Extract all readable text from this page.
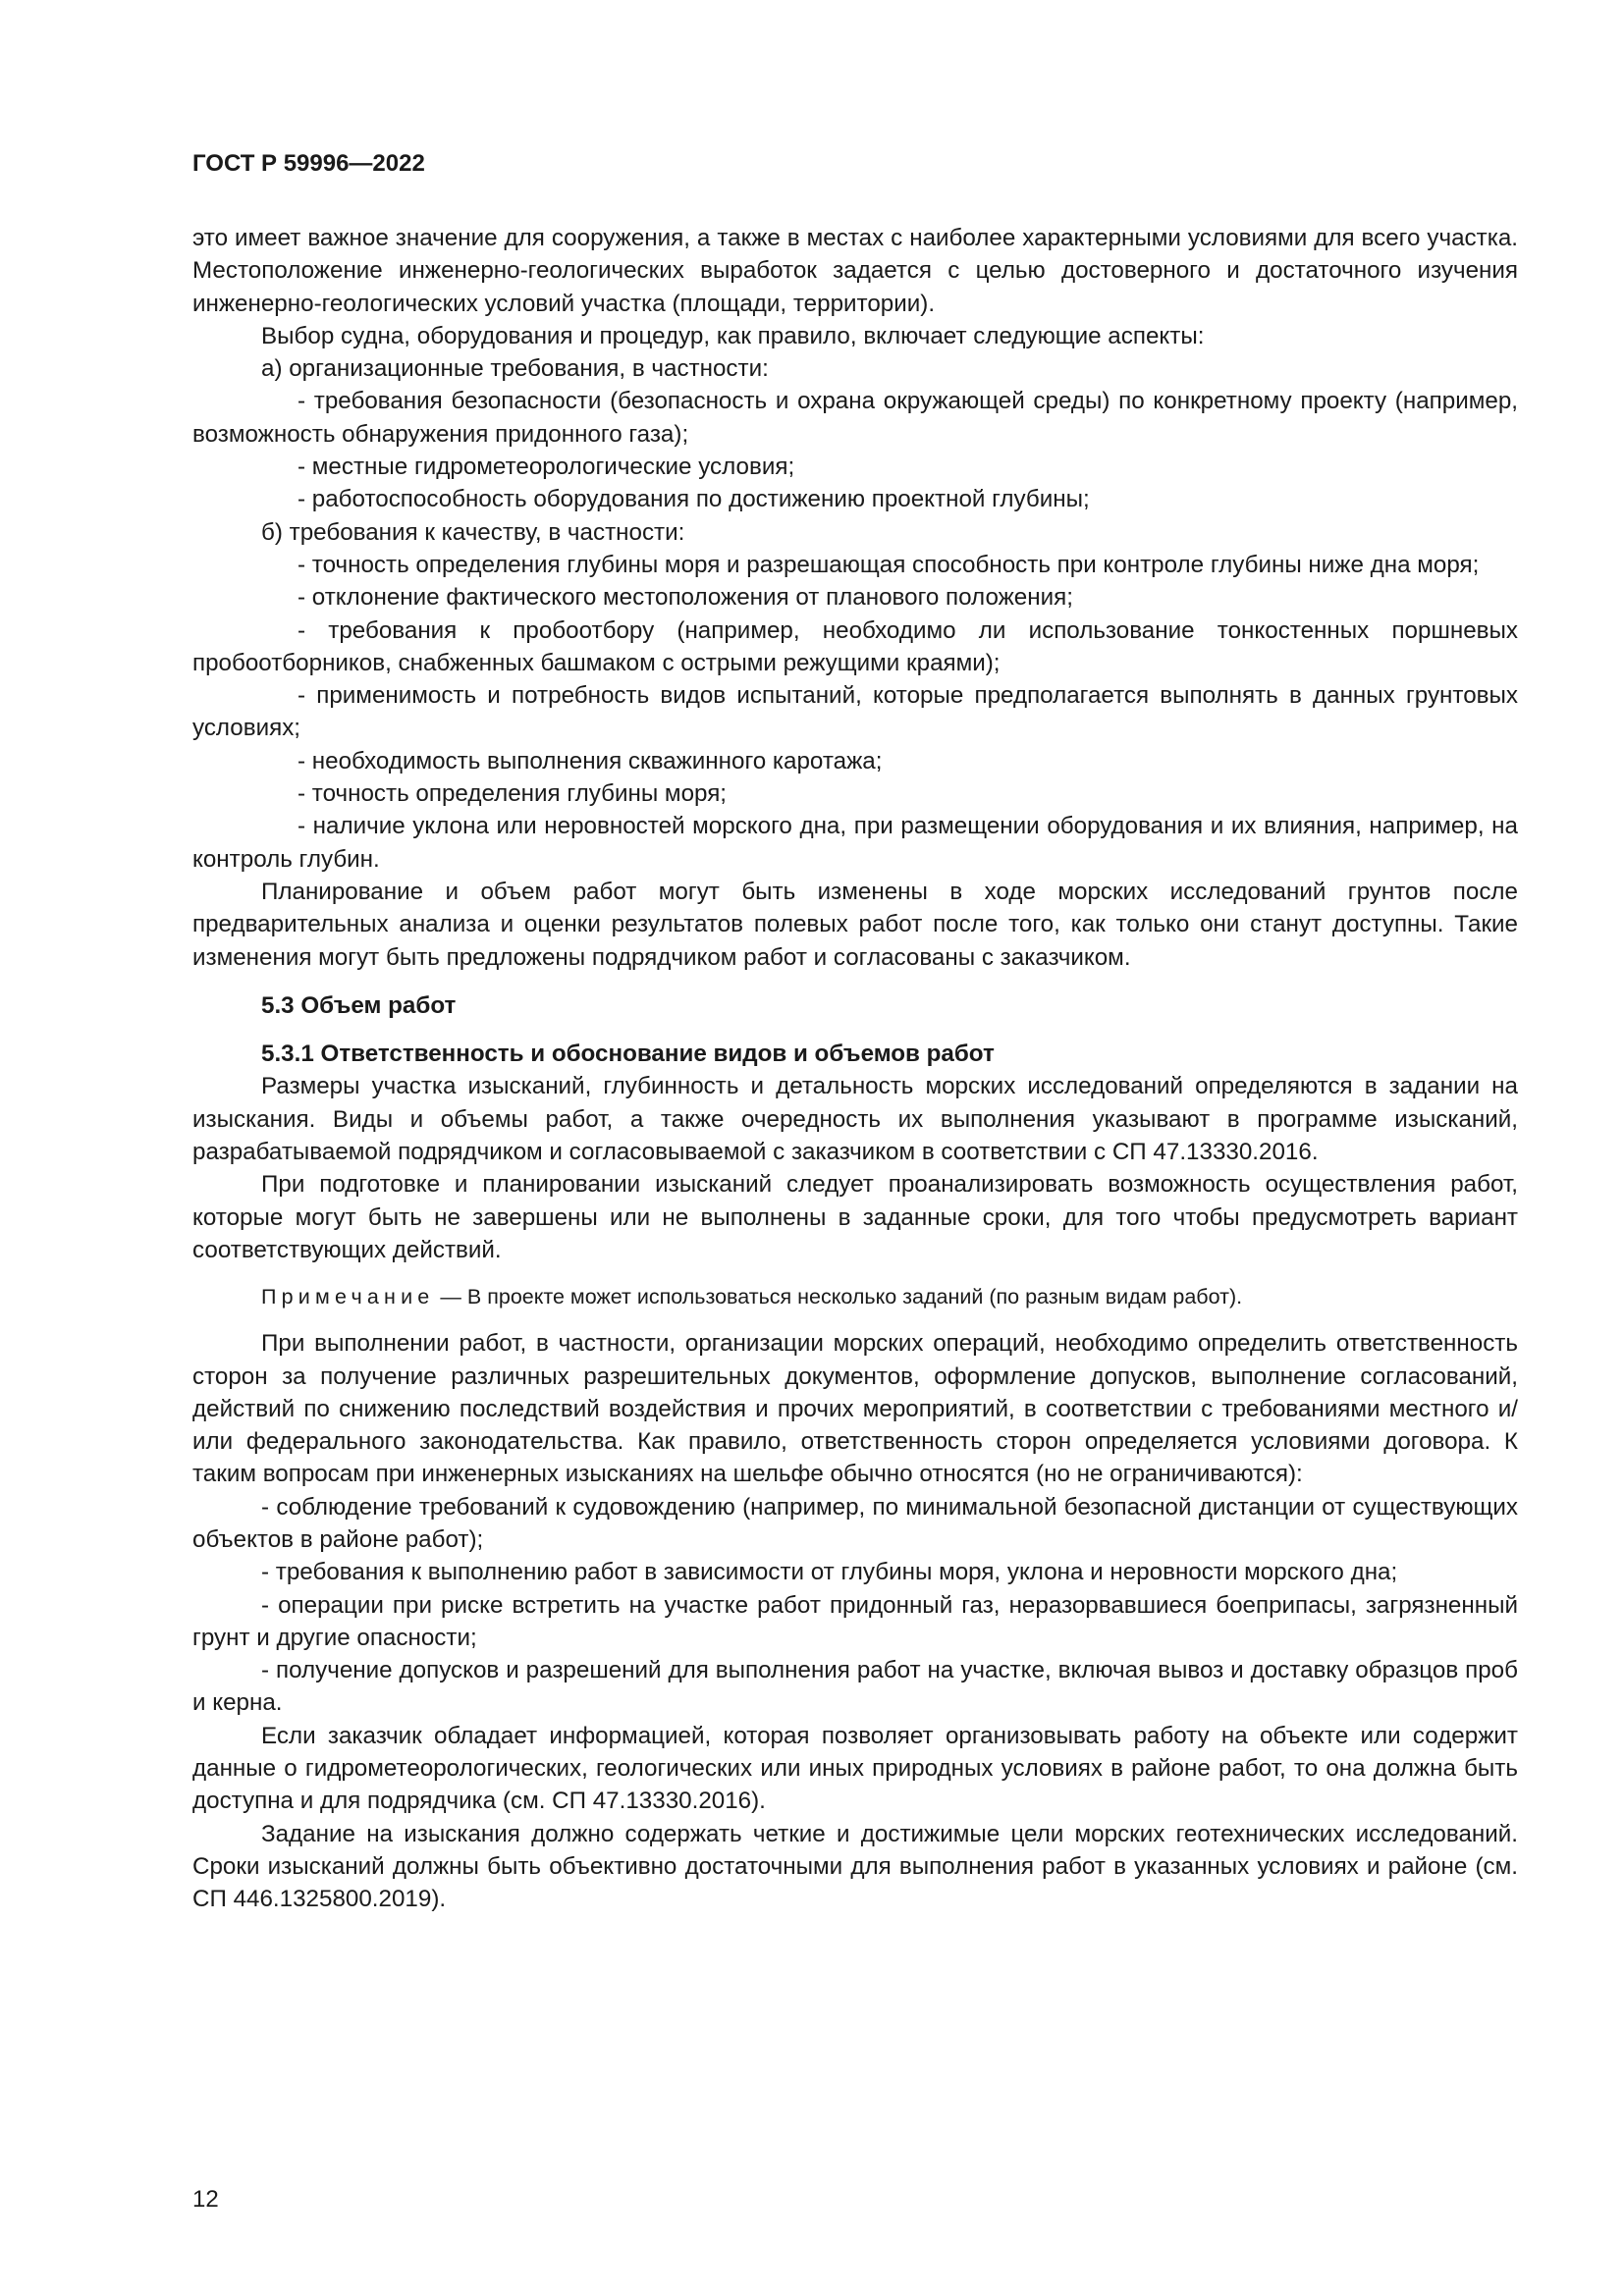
ГОСТ Р 59996—2022

это имеет важное значение для сооружения, а также в местах с наиболее характерными условиями для всего участка. Местоположение инженерно-геологических выработок задается с целью достоверного и достаточного изучения инженерно-геологических условий участка (площади, территории).

Выбор судна, оборудования и процедур, как правило, включает следующие аспекты:

а) организационные требования, в частности:

- требования безопасности (безопасность и охрана окружающей среды) по конкретному проекту (например, возможность обнаружения придонного газа);

- местные гидрометеорологические условия;

- работоспособность оборудования по достижению проектной глубины;

б) требования к качеству, в частности:

- точность определения глубины моря и разрешающая способность при контроле глубины ниже дна моря;

- отклонение фактического местоположения от планового положения;

- требования к пробоотбору (например, необходимо ли использование тонкостенных поршневых пробоотборников, снабженных башмаком с острыми режущими краями);

- применимость и потребность видов испытаний, которые предполагается выполнять в данных грунтовых условиях;

- необходимость выполнения скважинного каротажа;

- точность определения глубины моря;

- наличие уклона или неровностей морского дна, при размещении оборудования и их влияния, например, на контроль глубин.

Планирование и объем работ могут быть изменены в ходе морских исследований грунтов после предварительных анализа и оценки результатов полевых работ после того, как только они станут доступны. Такие изменения могут быть предложены подрядчиком работ и согласованы с заказчиком.

5.3 Объем работ

5.3.1 Ответственность и обоснование видов и объемов работ

Размеры участка изысканий, глубинность и детальность морских исследований определяются в задании на изыскания. Виды и объемы работ, а также очередность их выполнения указывают в программе изысканий, разрабатываемой подрядчиком и согласовываемой с заказчиком в соответствии с СП 47.13330.2016.

При подготовке и планировании изысканий следует проанализировать возможность осуществления работ, которые могут быть не завершены или не выполнены в заданные сроки, для того чтобы предусмотреть вариант соответствующих действий.

Примечание — В проекте может использоваться несколько заданий (по разным видам работ).

При выполнении работ, в частности, организации морских операций, необходимо определить ответственность сторон за получение различных разрешительных документов, оформление допусков, выполнение согласований, действий по снижению последствий воздействия и прочих мероприятий, в соответствии с требованиями местного и/или федерального законодательства. Как правило, ответственность сторон определяется условиями договора. К таким вопросам при инженерных изысканиях на шельфе обычно относятся (но не ограничиваются):

- соблюдение требований к судовождению (например, по минимальной безопасной дистанции от существующих объектов в районе работ);

- требования к выполнению работ в зависимости от глубины моря, уклона и неровности морского дна;

- операции при риске встретить на участке работ придонный газ, неразорвавшиеся боеприпасы, загрязненный грунт и другие опасности;

- получение допусков и разрешений для выполнения работ на участке, включая вывоз и доставку образцов проб и керна.

Если заказчик обладает информацией, которая позволяет организовывать работу на объекте или содержит данные о гидрометеорологических, геологических или иных природных условиях в районе работ, то она должна быть доступна и для подрядчика (см. СП 47.13330.2016).

Задание на изыскания должно содержать четкие и достижимые цели морских геотехнических исследований. Сроки изысканий должны быть объективно достаточными для выполнения работ в указанных условиях и районе (см. СП 446.1325800.2019).

12
